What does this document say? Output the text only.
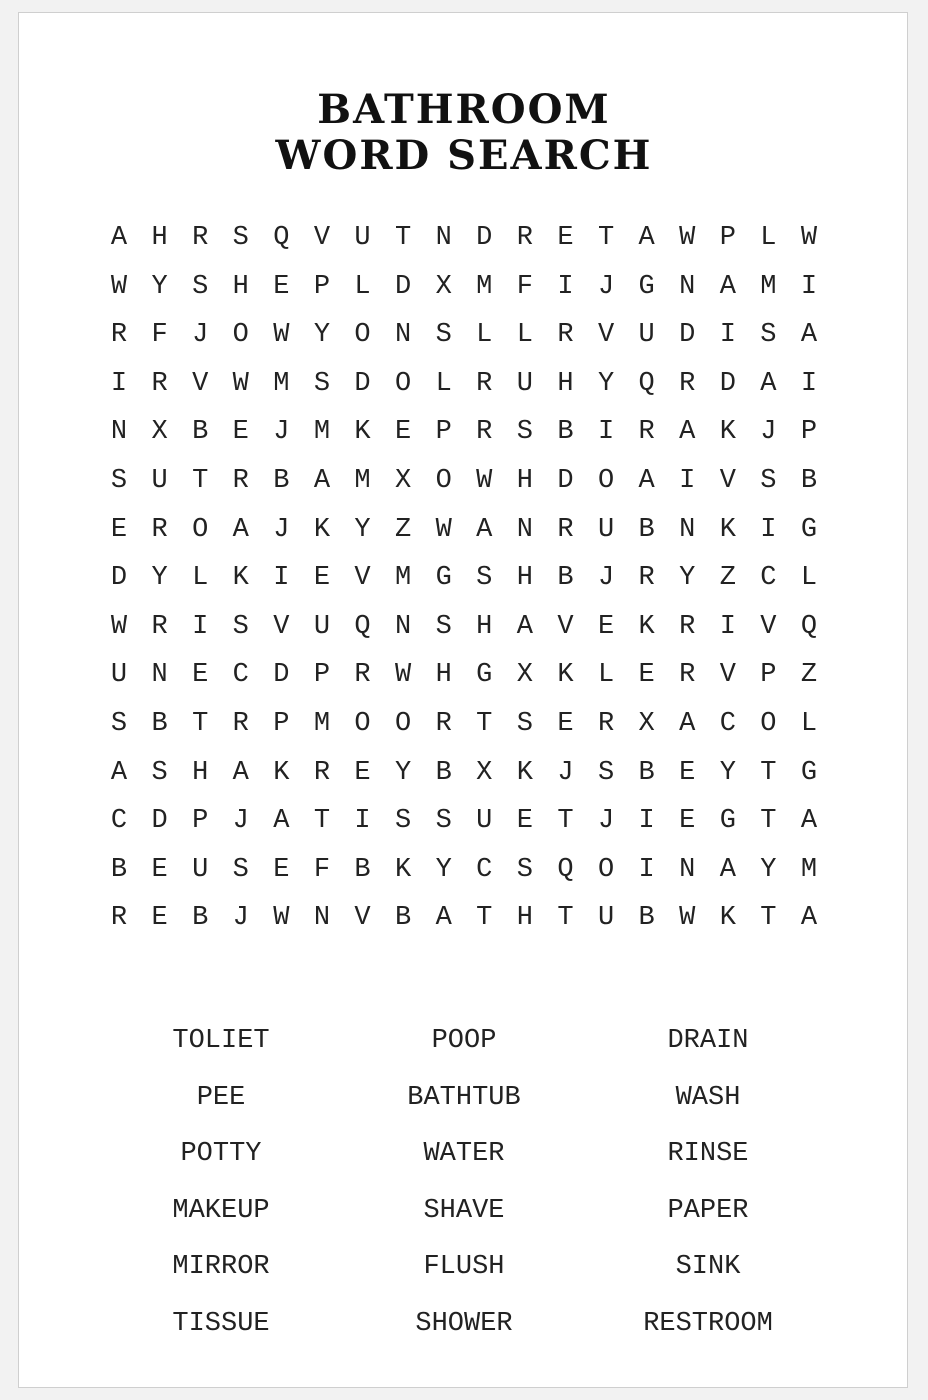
BATHROOM
WORD SEARCH
A H R S Q V U T N D R E T A W P L W
W Y S H E P L D X M F I J G N A M I
R F J O W Y O N S L L R V U D I S A
I R V W M S D O L R U H Y Q R D A I
N X B E J M K E P R S B I R A K J P
S U T R B A M X O W H D O A I V S B
E R O A J K Y Z W A N R U B N K I G
D Y L K I E V M G S H B J R Y Z C L
W R I S V U Q N S H A V E K R I V Q
U N E C D P R W H G X K L E R V P Z
S B T R P M O O R T S E R X A C O L
A S H A K R E Y B X K J S B E Y T G
C D P J A T I S S U E T J I E G T A
B E U S E F B K Y C S Q O I N A Y M
R E B J W N V B A T H T U B W K T A
TOLIET	POOP	DRAIN
PEE	BATHTUB	WASH
POTTY	WATER	RINSE
MAKEUP	SHAVE	PAPER
MIRROR	FLUSH	SINK
TISSUE	SHOWER	RESTROOM
